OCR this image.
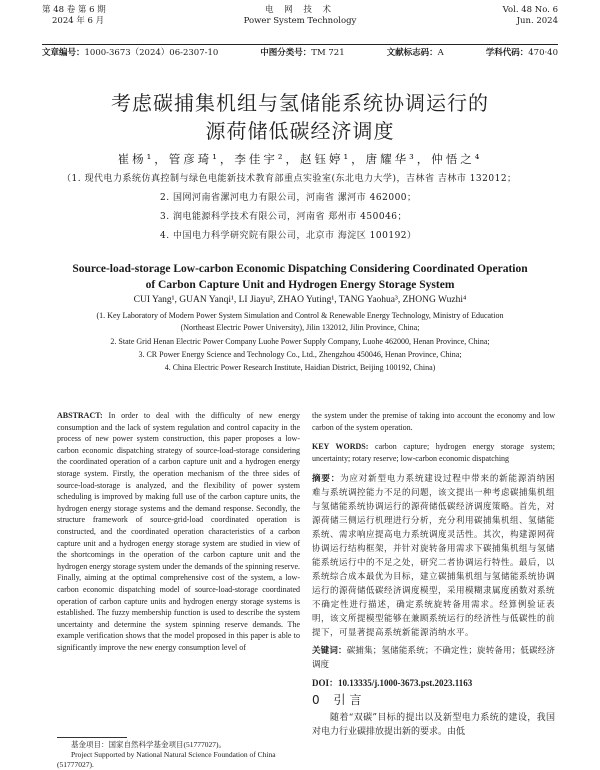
第 48 卷 第 6 期
2024 年 6 月
电 网 技 术
Power System Technology
Vol. 48 No. 6
Jun. 2024
文章编号：1000-3673（2024）06-2307-10	中图分类号：TM 721	文献标志码：A	学科代码：470·40
考虑碳捕集机组与氢储能系统协调运行的
源荷储低碳经济调度
崔杨¹，管彦琦¹，李佳宇²，赵钰婷¹，唐耀华³，仲悟之⁴
（1. 现代电力系统仿真控制与绿色电能新技术教育部重点实验室(东北电力大学)，吉林省 吉林市 132012；
2. 国网河南省漯河电力有限公司，河南省 漯河市 462000；
3. 润电能源科学技术有限公司，河南省 郑州市 450046；
4. 中国电力科学研究院有限公司，北京市 海淀区 100192）
Source-load-storage Low-carbon Economic Dispatching Considering Coordinated Operation
of Carbon Capture Unit and Hydrogen Energy Storage System
CUI Yang¹, GUAN Yanqi¹, LI Jiayu², ZHAO Yuting¹, TANG Yaohua³, ZHONG Wuzhi⁴
(1. Key Laboratory of Modern Power System Simulation and Control & Renewable Energy Technology, Ministry of Education
(Northeast Electric Power University), Jilin 132012, Jilin Province, China;
2. State Grid Henan Electric Power Company Luohe Power Supply Company, Luohe 462000, Henan Province, China;
3. CR Power Energy Science and Technology Co., Ltd., Zhengzhou 450046, Henan Province, China;
4. China Electric Power Research Institute, Haidian District, Beijing 100192, China)
ABSTRACT: In order to deal with the difficulty of new energy consumption and the lack of system regulation and control capacity in the process of new power system construction, this paper proposes a low-carbon economic dispatching strategy of source-load-storage considering the coordinated operation of a carbon capture unit and a hydrogen energy storage system. Firstly, the operation mechanism of the three sides of source-load-storage is analyzed, and the flexibility of power system scheduling is improved by making full use of the carbon capture units, the hydrogen energy storage systems and the demand response. Secondly, the structure framework of source-grid-load coordinated operation is constructed, and the coordinated operation characteristics of a carbon capture unit and a hydrogen energy storage system are studied in view of the shortcomings in the operation of the carbon capture unit and the hydrogen energy storage system under the demands of the spinning reserve. Finally, aiming at the optimal comprehensive cost of the system, a low-carbon economic dispatching model of source-load-storage coordinated operation of carbon capture units and hydrogen energy storage systems is established. The fuzzy membership function is used to describe the system uncertainty and determine the system spinning reserve demands. The example verification shows that the model proposed in this paper is able to significantly improve the new energy consumption level of
the system under the premise of taking into account the economy and low carbon of the system operation.
KEY WORDS: carbon capture; hydrogen energy storage system; uncertainty; rotary reserve; low-carbon economic dispatching
摘要：为应对新型电力系统建设过程中带来的新能源消纳困难与系统调控能力不足的问题，该文提出一种考虑碳捕集机组与氢储能系统协调运行的源荷储低碳经济调度策略。首先，对源荷储三侧运行机理进行分析，充分利用碳捕集机组、氢储能系统、需求响应提高电力系统调度灵活性。其次，构建源网荷协调运行结构框架，并针对旋转备用需求下碳捕集机组与氢储能系统运行中的不足之处，研究二者协调运行特性。最后，以系统综合成本最优为目标，建立碳捕集机组与氢储能系统协调运行的源荷储低碳经济调度模型，采用模糊隶属度函数对系统不确定性进行描述，确定系统旋转备用需求。经算例验证表明，该文所提模型能够在兼顾系统运行的经济性与低碳性的前提下，可显著提高系统新能源消纳水平。
关键词：碳捕集；氢储能系统；不确定性；旋转备用；低碳经济调度
DOI：10.13335/j.1000-3673.pst.2023.1163
0 引言
随着“双碳”目标的提出以及新型电力系统的建设，我国对电力行业碳排放提出新的要求。由低
基金项目：国家自然科学基金项目(51777027)。
Project Supported by National Natural Science Foundation of China
(51777027).
